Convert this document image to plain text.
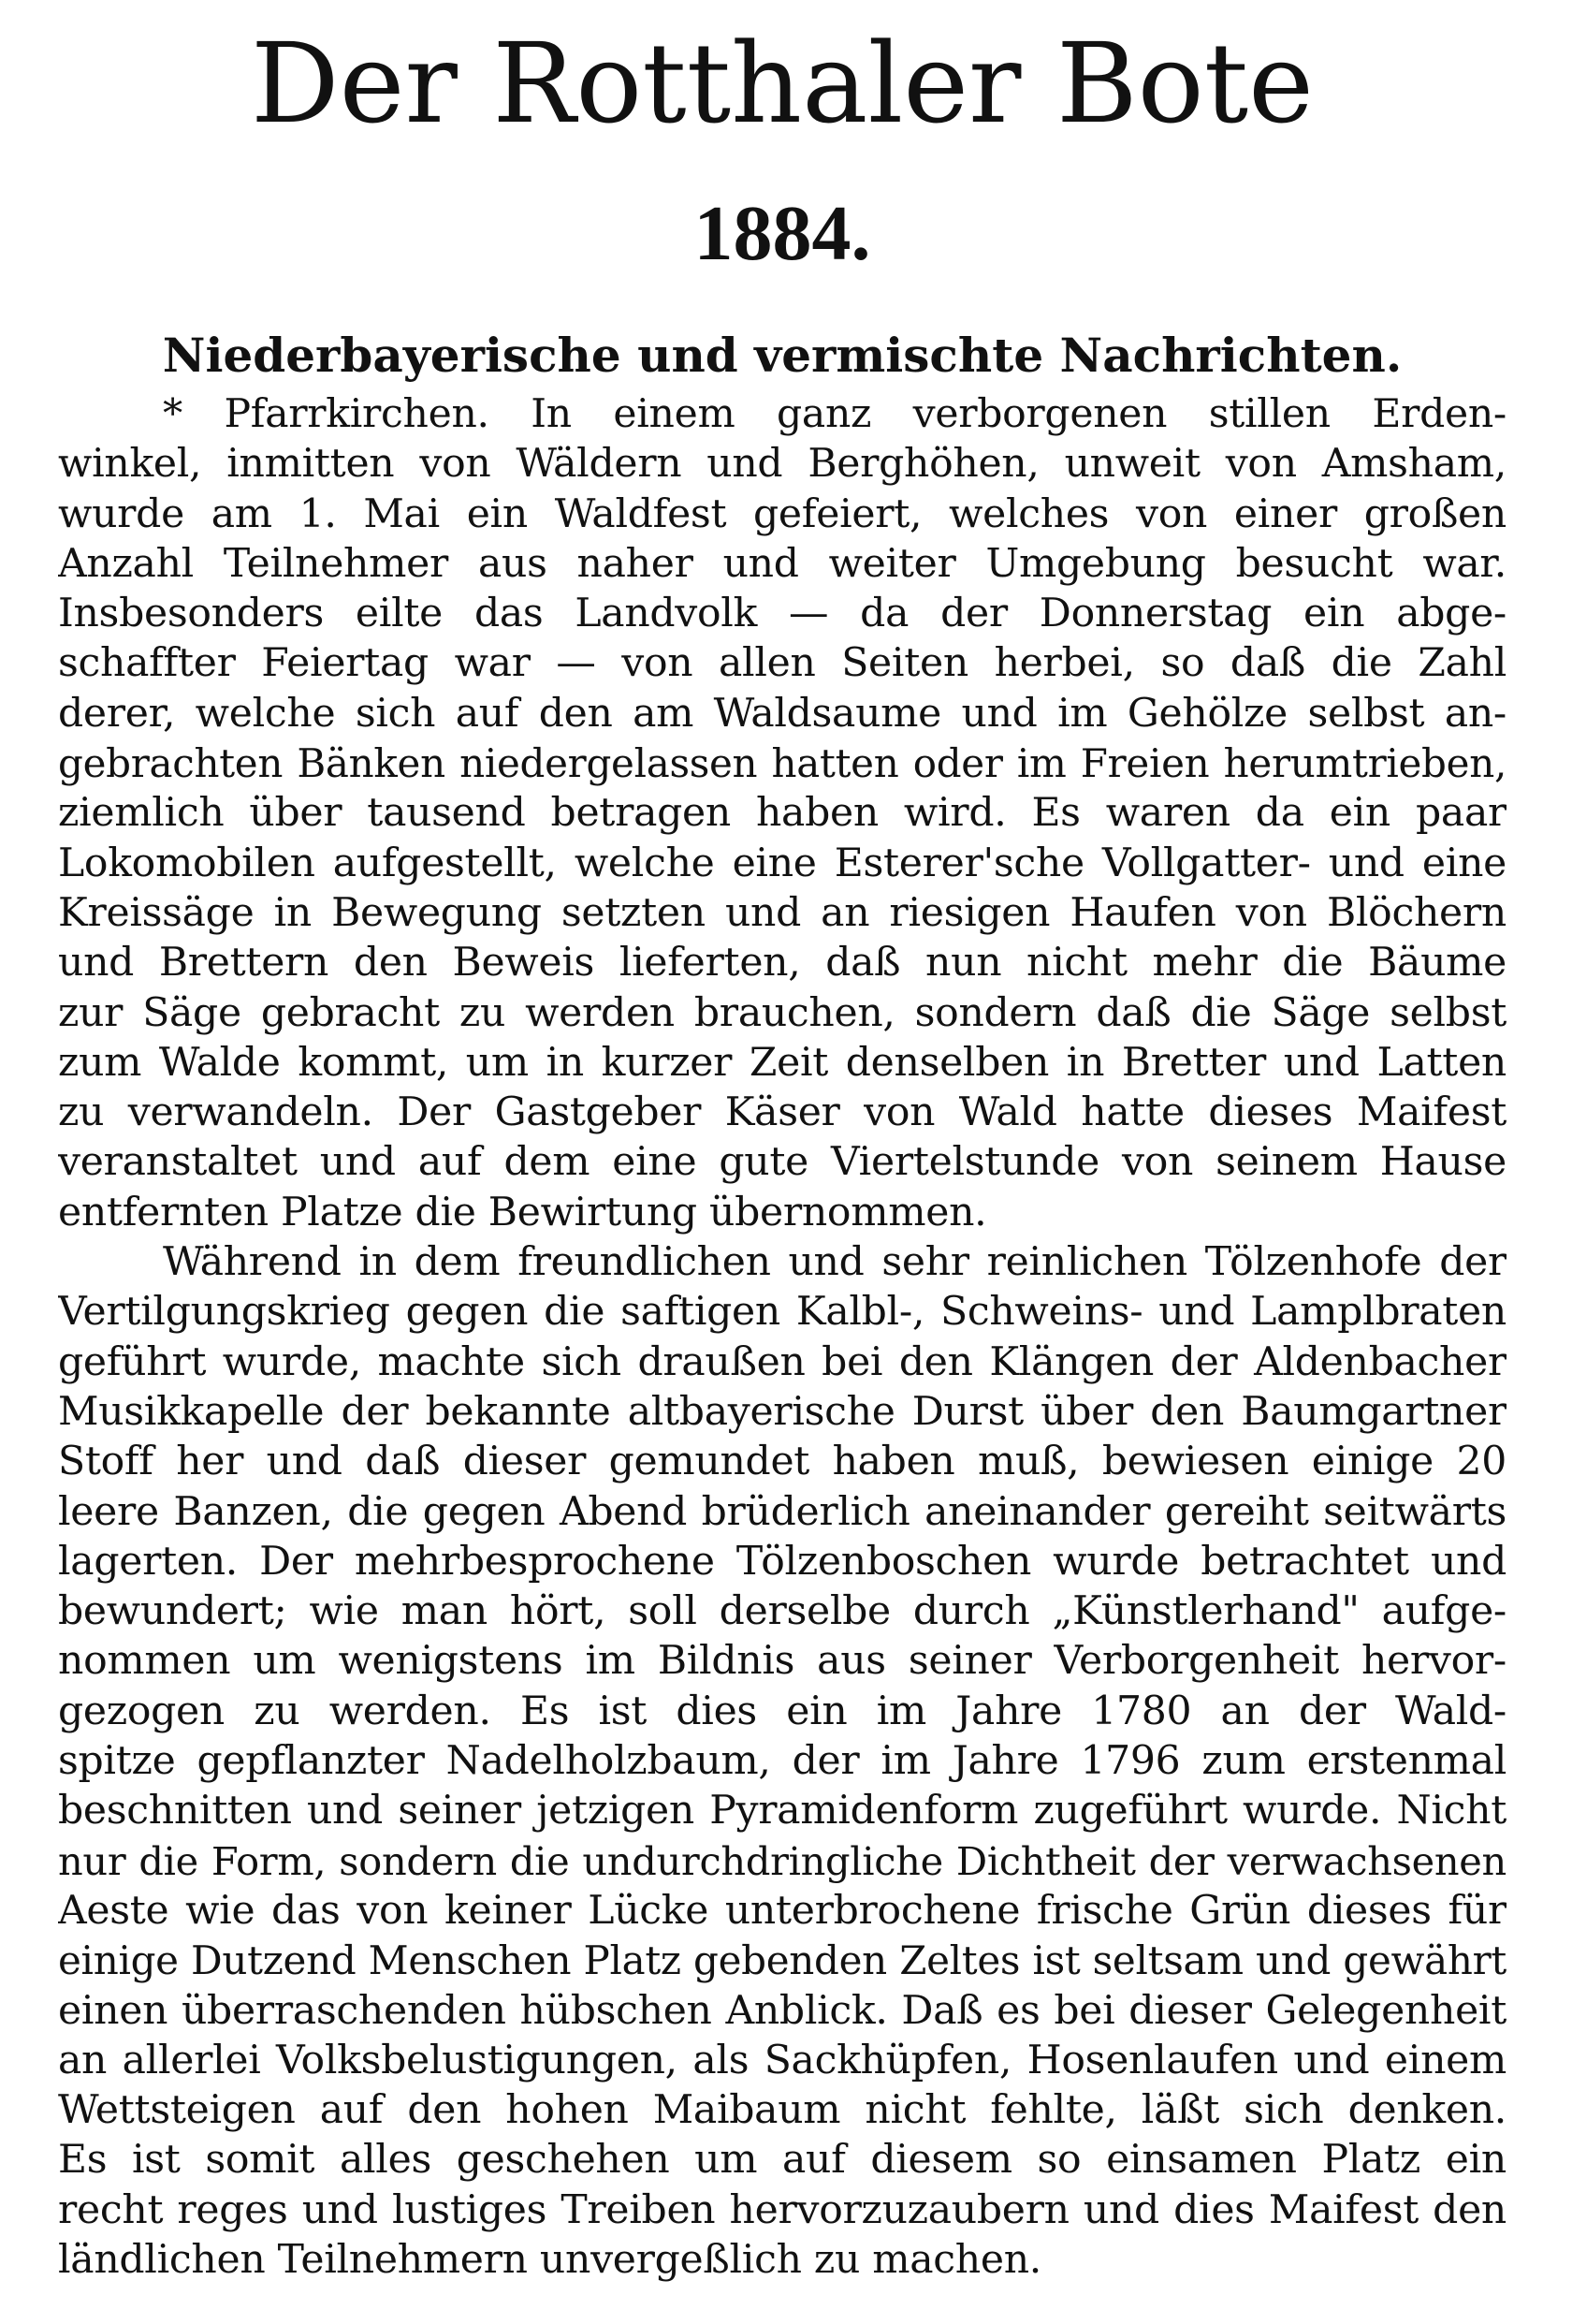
Der Rotthaler Bote
1884.
Niederbayerische und vermischte Nachrichten.
* Pfarrkirchen. In einem ganz verborgenen stillen Erden-
winkel, inmitten von Wäldern und Berghöhen, unweit von Amsham,
wurde am 1. Mai ein Waldfest gefeiert, welches von einer großen
Anzahl Teilnehmer aus naher und weiter Umgebung besucht war.
Insbesonders eilte das Landvolk — da der Donnerstag ein abge-
schaffter Feiertag war — von allen Seiten herbei, so daß die Zahl
derer, welche sich auf den am Waldsaume und im Gehölze selbst an-
gebrachten Bänken niedergelassen hatten oder im Freien herumtrieben,
ziemlich über tausend betragen haben wird. Es waren da ein paar
Lokomobilen aufgestellt, welche eine Esterer'sche Vollgatter- und eine
Kreissäge in Bewegung setzten und an riesigen Haufen von Blöchern
und Brettern den Beweis lieferten, daß nun nicht mehr die Bäume
zur Säge gebracht zu werden brauchen, sondern daß die Säge selbst
zum Walde kommt, um in kurzer Zeit denselben in Bretter und Latten
zu verwandeln. Der Gastgeber Käser von Wald hatte dieses Maifest
veranstaltet und auf dem eine gute Viertelstunde von seinem Hause
entfernten Platze die Bewirtung übernommen.
Während in dem freundlichen und sehr reinlichen Tölzenhofe der
Vertilgungskrieg gegen die saftigen Kalbl-, Schweins- und Lamplbraten
geführt wurde, machte sich draußen bei den Klängen der Aldenbacher
Musikkapelle der bekannte altbayerische Durst über den Baumgartner
Stoff her und daß dieser gemundet haben muß, bewiesen einige 20
leere Banzen, die gegen Abend brüderlich aneinander gereiht seitwärts
lagerten. Der mehrbesprochene Tölzenboschen wurde betrachtet und
bewundert; wie man hört, soll derselbe durch „Künstlerhand" aufge-
nommen um wenigstens im Bildnis aus seiner Verborgenheit hervor-
gezogen zu werden. Es ist dies ein im Jahre 1780 an der Wald-
spitze gepflanzter Nadelholzbaum, der im Jahre 1796 zum erstenmal
beschnitten und seiner jetzigen Pyramidenform zugeführt wurde. Nicht
nur die Form, sondern die undurchdringliche Dichtheit der verwachsenen
Aeste wie das von keiner Lücke unterbrochene frische Grün dieses für
einige Dutzend Menschen Platz gebenden Zeltes ist seltsam und gewährt
einen überraschenden hübschen Anblick. Daß es bei dieser Gelegenheit
an allerlei Volksbelustigungen, als Sackhüpfen, Hosenlaufen und einem
Wettsteigen auf den hohen Maibaum nicht fehlte, läßt sich denken.
Es ist somit alles geschehen um auf diesem so einsamen Platz ein
recht reges und lustiges Treiben hervorzuzaubern und dies Maifest den
ländlichen Teilnehmern unvergeßlich zu machen.
